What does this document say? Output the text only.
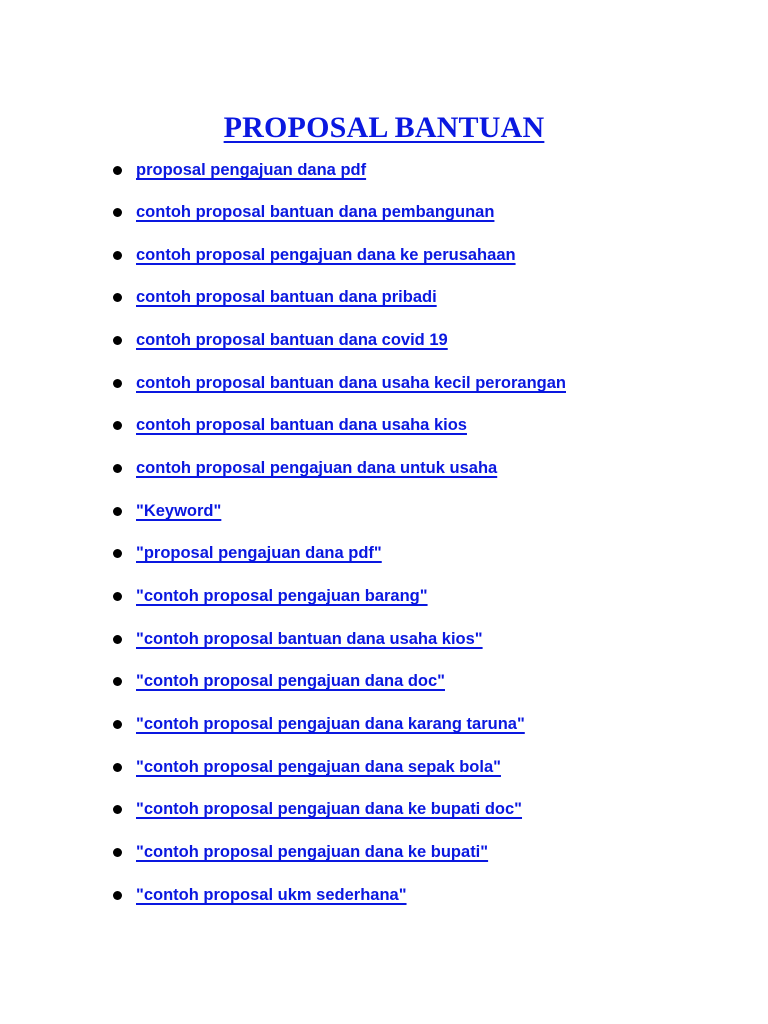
PROPOSAL BANTUAN
proposal pengajuan dana pdf
contoh proposal bantuan dana pembangunan
contoh proposal pengajuan dana ke perusahaan
contoh proposal bantuan dana pribadi
contoh proposal bantuan dana covid 19
contoh proposal bantuan dana usaha kecil perorangan
contoh proposal bantuan dana usaha kios
contoh proposal pengajuan dana untuk usaha
"Keyword"
"proposal pengajuan dana pdf"
"contoh proposal pengajuan barang"
"contoh proposal bantuan dana usaha kios"
"contoh proposal pengajuan dana doc"
"contoh proposal pengajuan dana karang taruna"
"contoh proposal pengajuan dana sepak bola"
"contoh proposal pengajuan dana ke bupati doc"
"contoh proposal pengajuan dana ke bupati"
"contoh proposal ukm sederhana"
